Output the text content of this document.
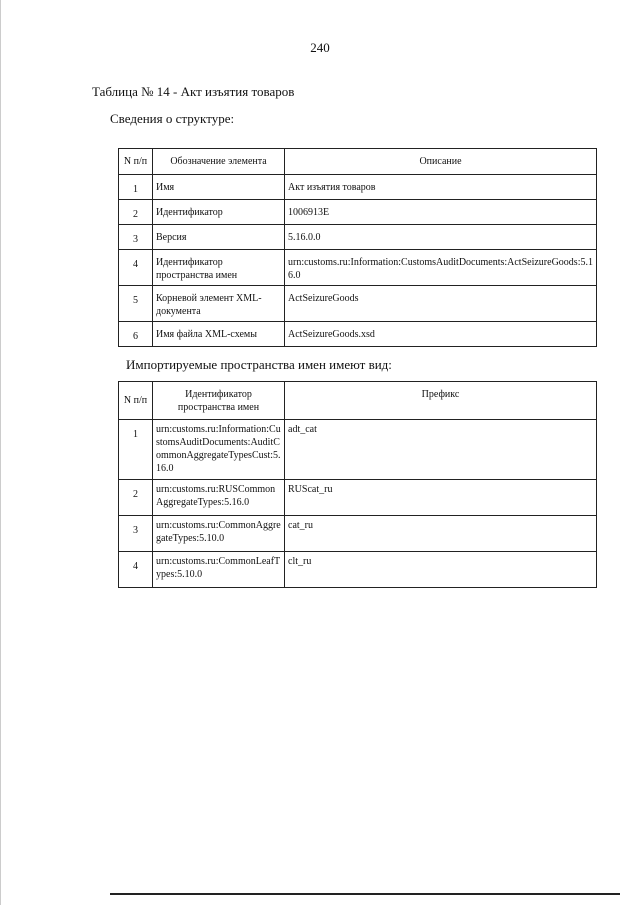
240
Таблица № 14 - Акт изъятия товаров
Сведения о структуре:
N п/п	Обозначение элемента	Описание
1	Имя	Акт изъятия товаров
2	Идентификатор	1006913Е
3	Версия	5.16.0.0
4	Идентификатор пространства имен	urn:customs.ru:Information:CustomsAuditDocuments:ActSeizureGoods:5.16.0
5	Корневой элемент XML-документа	ActSeizureGoods
6	Имя файла XML-схемы	ActSeizureGoods.xsd
Импортируемые пространства имен имеют вид:
N п/п	Идентификатор пространства имен	Префикс
1	urn:customs.ru:Information:CustomsAuditDocuments:AuditCommonAggregateTypesCust:5.16.0	adt_cat
2	urn:customs.ru:RUSCommonAggregateTypes:5.16.0	RUScat_ru
3	urn:customs.ru:CommonAggregateTypes:5.10.0	cat_ru
4	urn:customs.ru:CommonLeafTypes:5.10.0	clt_ru
